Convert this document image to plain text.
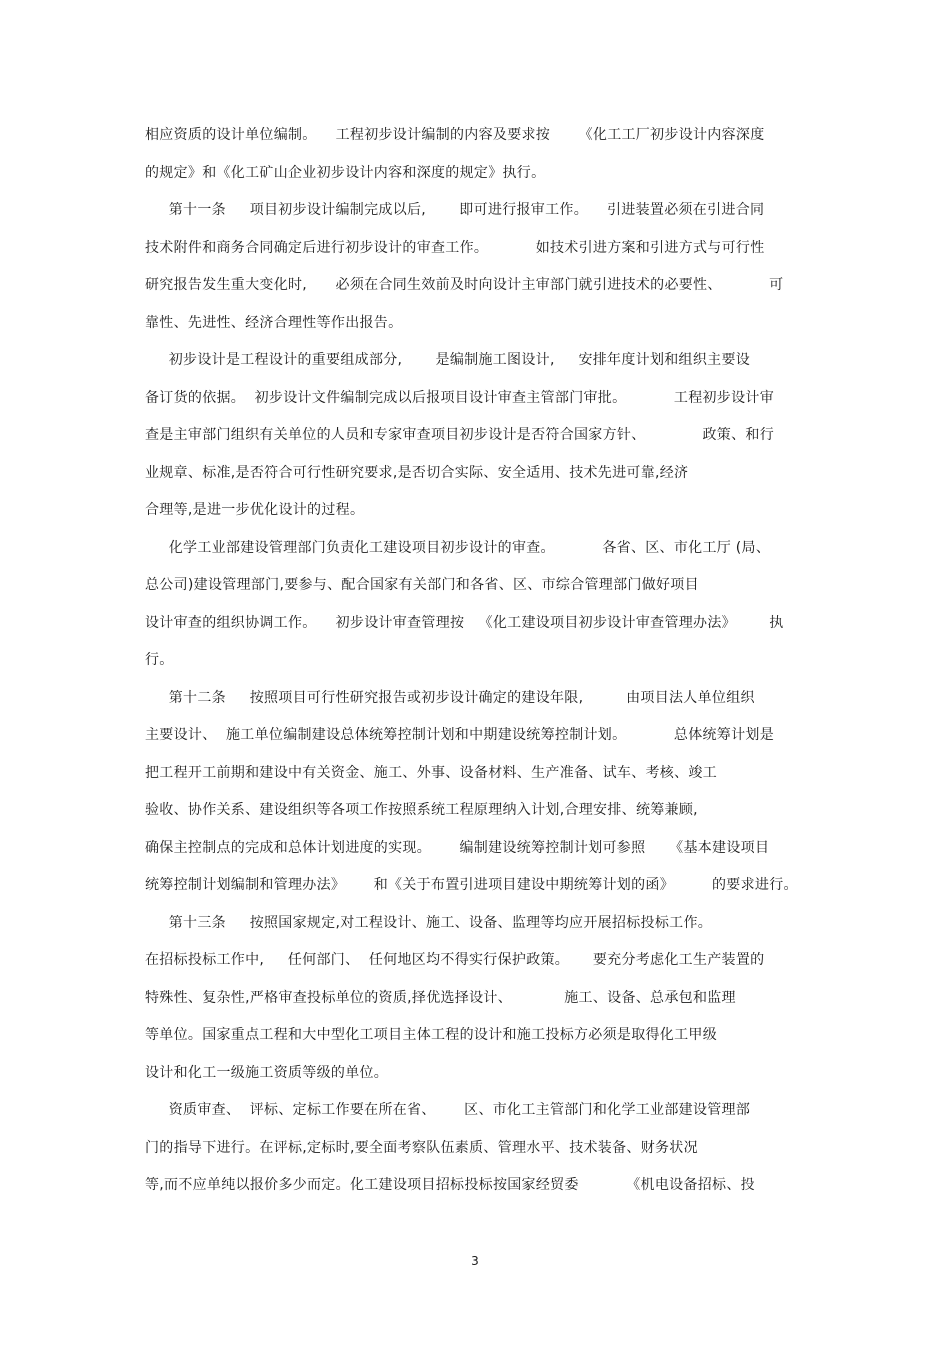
相应资质的设计单位编制。    工程初步设计编制的内容及要求按      《化工工厂初步设计内容深度
的规定》和《化工矿山企业初步设计内容和深度的规定》执行。
第十一条     项目初步设计编制完成以后,       即可进行报审工作。    引进装置必须在引进合同
技术附件和商务合同确定后进行初步设计的审查工作。          如技术引进方案和引进方式与可行性
研究报告发生重大变化时,      必须在合同生效前及时向设计主审部门就引进技术的必要性、          可
靠性、先进性、经济合理性等作出报告。
初步设计是工程设计的重要组成部分,       是编制施工图设计,     安排年度计划和组织主要设
备订货的依据。  初步设计文件编制完成以后报项目设计审查主管部门审批。          工程初步设计审
查是主审部门组织有关单位的人员和专家审查项目初步设计是否符合国家方针、            政策、和行
业规章、标准,是否符合可行性研究要求,是否切合实际、安全适用、技术先进可靠,经济
合理等,是进一步优化设计的过程。
化学工业部建设管理部门负责化工建设项目初步设计的审查。          各省、区、市化工厅 (局、
总公司)建设管理部门,要参与、配合国家有关部门和各省、区、市综合管理部门做好项目
设计审查的组织协调工作。    初步设计审查管理按   《化工建设项目初步设计审查管理办法》       执
行。
第十二条     按照项目可行性研究报告或初步设计确定的建设年限,         由项目法人单位组织
主要设计、  施工单位编制建设总体统筹控制计划和中期建设统筹控制计划。          总体统筹计划是
把工程开工前期和建设中有关资金、施工、外事、设备材料、生产准备、试车、考核、竣工
验收、协作关系、建设组织等各项工作按照系统工程原理纳入计划,合理安排、统筹兼顾,
确保主控制点的完成和总体计划进度的实现。      编制建设统筹控制计划可参照     《基本建设项目
统筹控制计划编制和管理办法》      和《关于布置引进项目建设中期统筹计划的函》        的要求进行。
第十三条     按照国家规定,对工程设计、施工、设备、监理等均应开展招标投标工作。
在招标投标工作中,     任何部门、  任何地区均不得实行保护政策。     要充分考虑化工生产装置的
特殊性、复杂性,严格审查投标单位的资质,择优选择设计、           施工、设备、总承包和监理
等单位。国家重点工程和大中型化工项目主体工程的设计和施工投标方必须是取得化工甲级
设计和化工一级施工资质等级的单位。
资质审查、  评标、定标工作要在所在省、      区、市化工主管部门和化学工业部建设管理部
门的指导下进行。在评标,定标时,要全面考察队伍素质、管理水平、技术装备、财务状况
等,而不应单纯以报价多少而定。化工建设项目招标投标按国家经贸委          《机电设备招标、投
3
